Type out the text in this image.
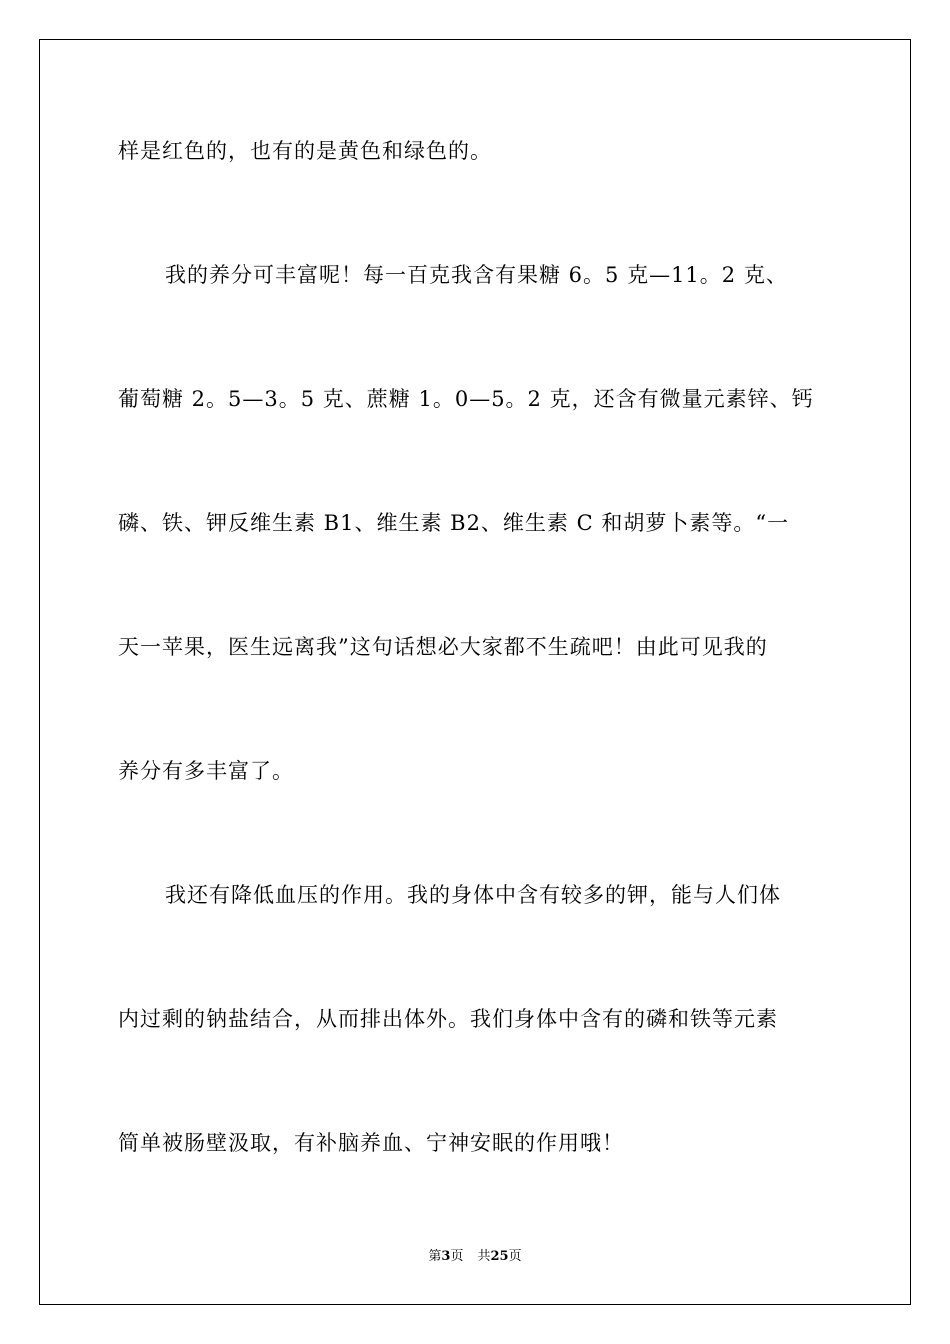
样是红色的，也有的是黄色和绿色的。
我的养分可丰富呢！每一百克我含有果糖 6。5 克—11。2 克、
葡萄糖 2。5—3。5 克、蔗糖 1。0—5。2 克，还含有微量元素锌、钙
磷、铁、钾反维生素 B1、维生素 B2、维生素 C 和胡萝卜素等。“一
天一苹果，医生远离我”这句话想必大家都不生疏吧！由此可见我的
养分有多丰富了。
我还有降低血压的作用。我的身体中含有较多的钾，能与人们体
内过剩的钠盐结合，从而排出体外。我们身体中含有的磷和铁等元素
简单被肠壁汲取，有补脑养血、宁神安眠的作用哦！
第3页 共25页
